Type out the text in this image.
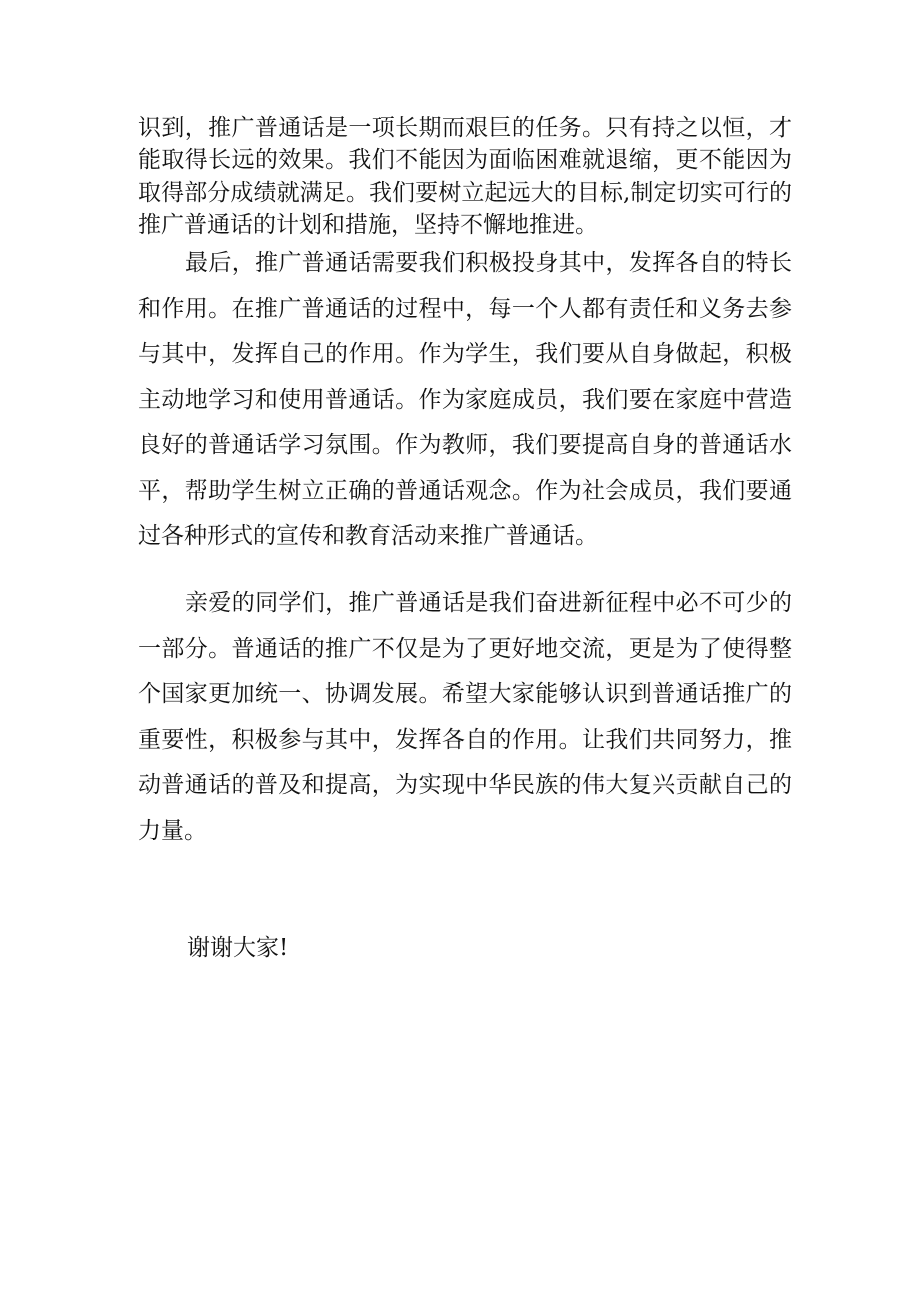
识到，推广普通话是一项长期而艰巨的任务。只有持之以恒，才能取得长远的效果。我们不能因为面临困难就退缩，更不能因为取得部分成绩就满足。我们要树立起远大的目标,制定切实可行的推广普通话的计划和措施，坚持不懈地推进。

最后，推广普通话需要我们积极投身其中，发挥各自的特长和作用。在推广普通话的过程中，每一个人都有责任和义务去参与其中，发挥自己的作用。作为学生，我们要从自身做起，积极主动地学习和使用普通话。作为家庭成员，我们要在家庭中营造良好的普通话学习氛围。作为教师，我们要提高自身的普通话水平，帮助学生树立正确的普通话观念。作为社会成员，我们要通过各种形式的宣传和教育活动来推广普通话。

亲爱的同学们，推广普通话是我们奋进新征程中必不可少的一部分。普通话的推广不仅是为了更好地交流，更是为了使得整个国家更加统一、协调发展。希望大家能够认识到普通话推广的重要性，积极参与其中，发挥各自的作用。让我们共同努力，推动普通话的普及和提高，为实现中华民族的伟大复兴贡献自己的力量。

谢谢大家!
